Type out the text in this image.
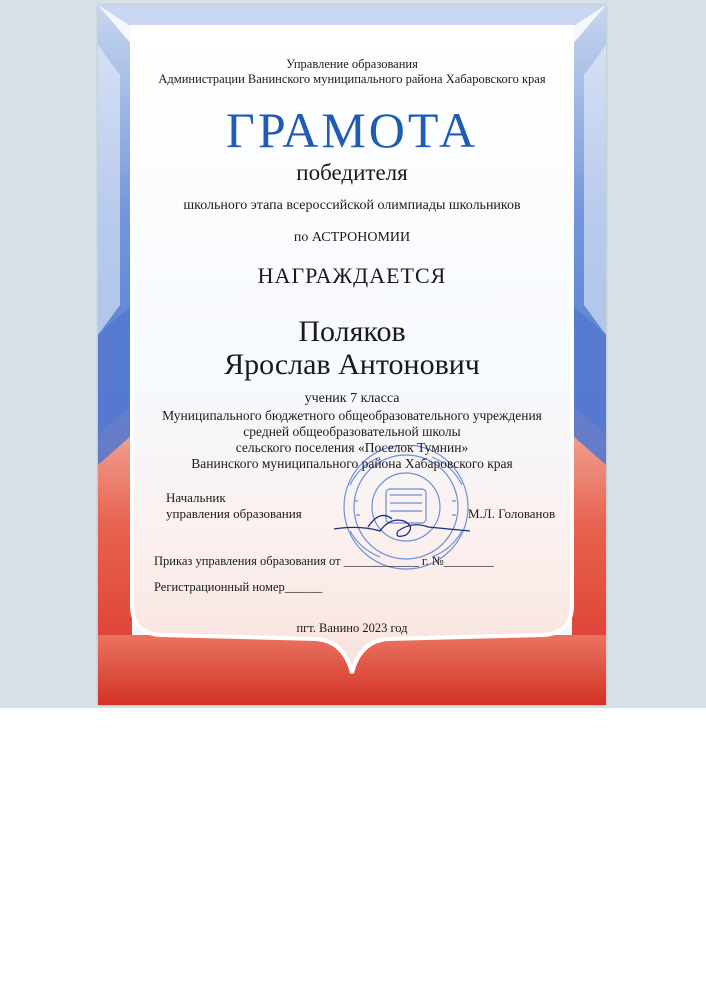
Управление образования
Администрации Ванинского муниципального района Хабаровского края
ГРАМОТА
победителя
школьного этапа всероссийской олимпиады школьников
по АСТРОНОМИИ
НАГРАЖДАЕТСЯ
Поляков
Ярослав Антонович
ученик 7 класса
Муниципального бюджетного общеобразовательного учреждения
средней общеобразовательной школы
сельского поселения «Поселок Тумнин»
Ванинского муниципального района Хабаровского края
Начальник
управления образования	М.Л. Голованов
Приказ управления образования от ____________ г. №________
Регистрационный номер______
пгт. Ванино 2023 год
